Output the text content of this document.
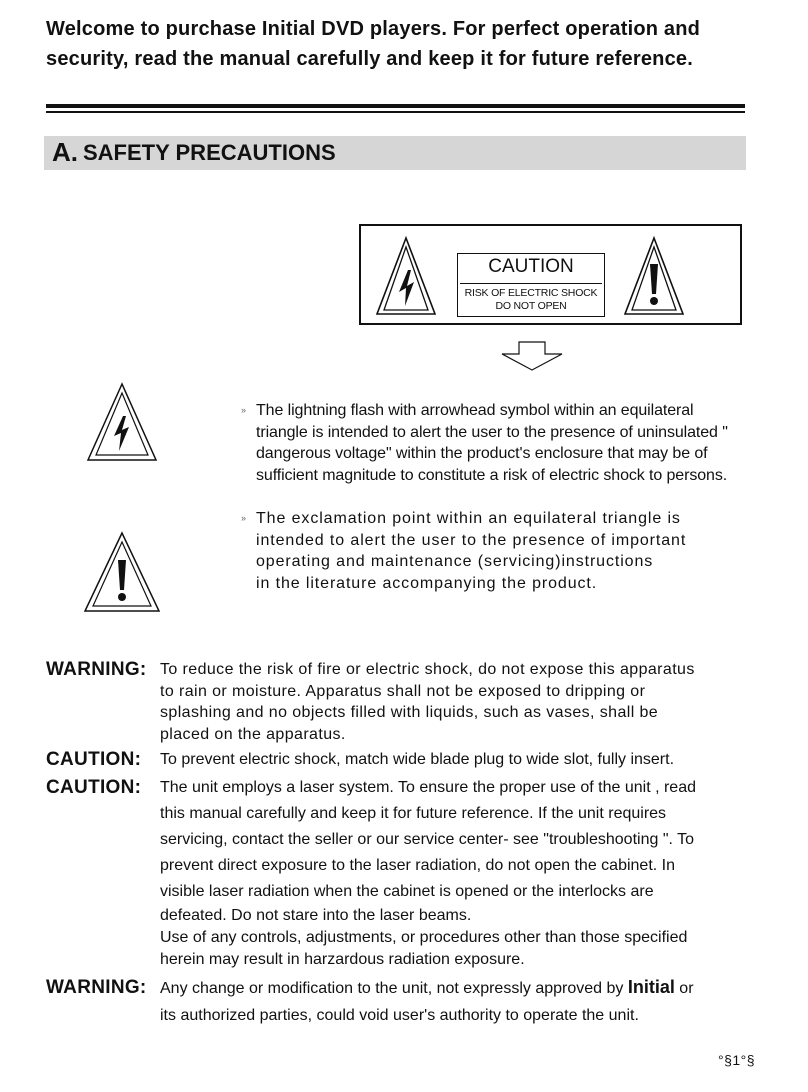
Welcome to purchase Initial DVD players. For perfect operation and
security, read the manual carefully and keep it for future reference.
A. SAFETY PRECAUTIONS
CAUTION
RISK OF ELECTRIC SHOCK
DO NOT OPEN
» The lightning flash with arrowhead symbol within an equilateral
triangle is intended to alert the user to the presence of uninsulated "
dangerous voltage" within the product's enclosure that may be of
sufficient magnitude to constitute a risk of electric shock to persons.
» The exclamation point within an equilateral triangle is
intended to alert the user to the presence of important
operating and maintenance (servicing)instructions
in the literature accompanying the product.
WARNING: To reduce the risk of fire or electric shock, do not expose this apparatus
to rain or moisture. Apparatus shall not be exposed to dripping or
splashing and no objects filled with liquids, such as vases, shall be
placed on the apparatus.
CAUTION: To prevent electric shock, match wide blade plug to wide slot, fully insert.
CAUTION: The unit employs a laser system. To ensure the proper use of the unit , read
this manual carefully and keep it for future reference. If the unit requires
servicing, contact the seller or our service center- see "troubleshooting ". To
prevent direct exposure to the laser radiation, do not open the cabinet. In
visible laser radiation when the cabinet is opened or the interlocks are
defeated. Do not stare into the laser beams.
Use of any controls, adjustments, or procedures other than those specified
herein may result in harzardous radiation exposure.
WARNING: Any change or modification to the unit, not expressly approved by Initial or
its authorized parties, could void user's authority to operate the unit.
°§1°§
